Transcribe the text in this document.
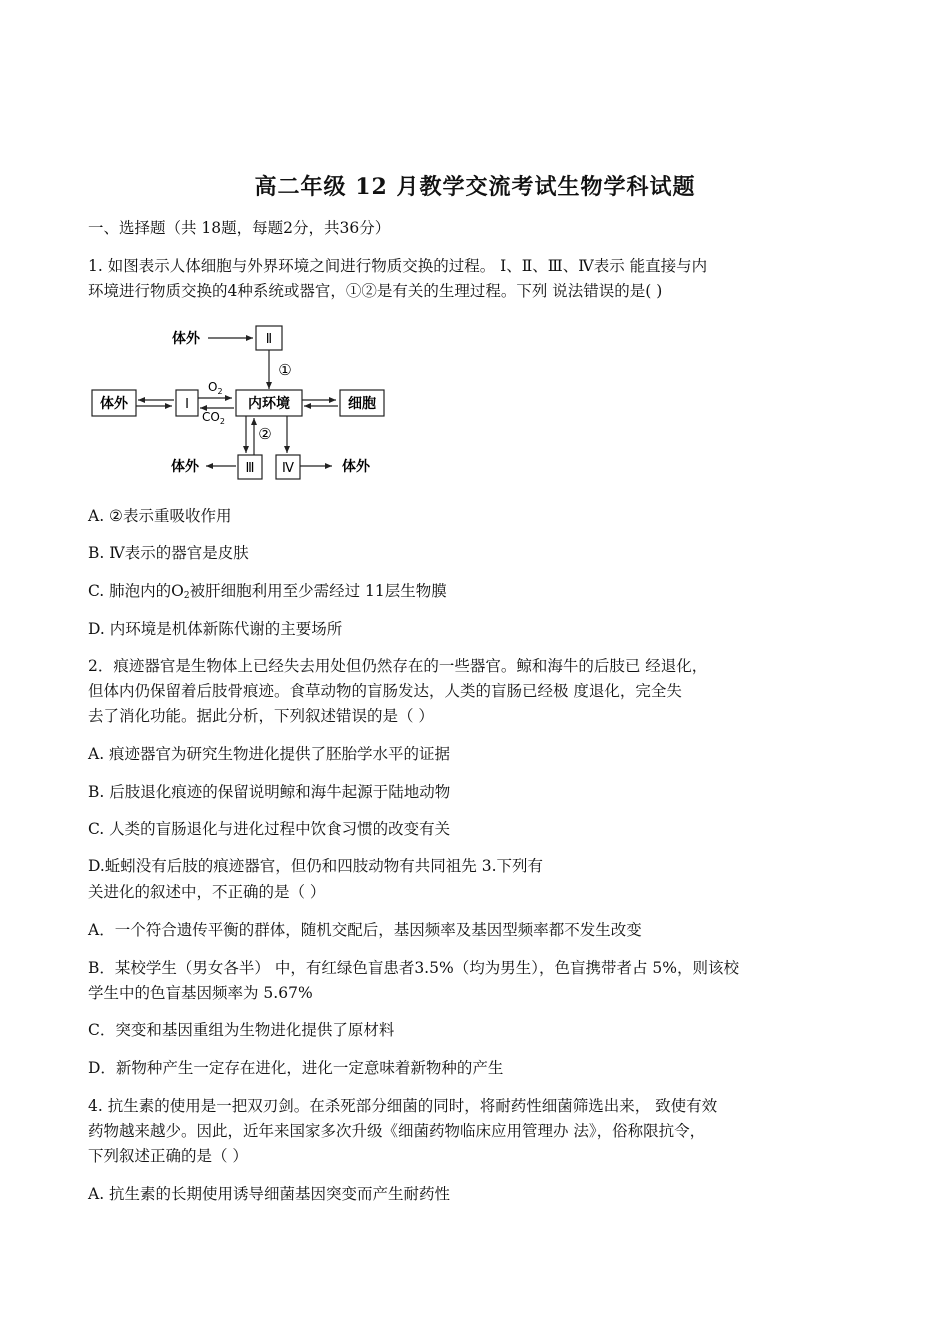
高二年级 12 月教学交流考试生物学科试题
一、选择题（共 18题，每题2分，共36分）
1. 如图表示人体细胞与外界环境之间进行物质交换的过程。 Ⅰ、Ⅱ、Ⅲ、Ⅳ表示 能直接与内
环境进行物质交换的4种系统或器官，①②是有关的生理过程。下列 说法错误的是( )
体外	Ⅱ
①
体外	Ⅰ
$O_2$
$CO_2$
内环境	细胞
②
体外	Ⅲ Ⅳ	体外
A. ②表示重吸收作用
B. Ⅳ表示的器官是皮肤
C. 肺泡内的$O_2$被肝细胞利用至少需经过 11层生物膜
D. 内环境是机体新陈代谢的主要场所
2．痕迹器官是生物体上已经失去用处但仍然存在的一些器官。鲸和海牛的后肢已 经退化，
但体内仍保留着后肢骨痕迹。食草动物的盲肠发达，人类的盲肠已经极 度退化，完全失
去了消化功能。据此分析，下列叙述错误的是（ ）
A. 痕迹器官为研究生物进化提供了胚胎学水平的证据
B. 后肢退化痕迹的保留说明鲸和海牛起源于陆地动物
C. 人类的盲肠退化与进化过程中饮食习惯的改变有关
D.蚯蚓没有后肢的痕迹器官，但仍和四肢动物有共同祖先 3.下列有
关进化的叙述中，不正确的是（ ）
A．一个符合遗传平衡的群体，随机交配后，基因频率及基因型频率都不发生改变
B．某校学生（男女各半） 中，有红绿色盲患者3.5%（均为男生），色盲携带者占 5%，则该校
学生中的色盲基因频率为 5.67%
C．突变和基因重组为生物进化提供了原材料
D．新物种产生一定存在进化，进化一定意味着新物种的产生
4. 抗生素的使用是一把双刃剑。在杀死部分细菌的同时，将耐药性细菌筛选出来， 致使有效
药物越来越少。因此，近年来国家多次升级《细菌药物临床应用管理办 法》，俗称限抗令，
下列叙述正确的是（ ）
A. 抗生素的长期使用诱导细菌基因突变而产生耐药性
